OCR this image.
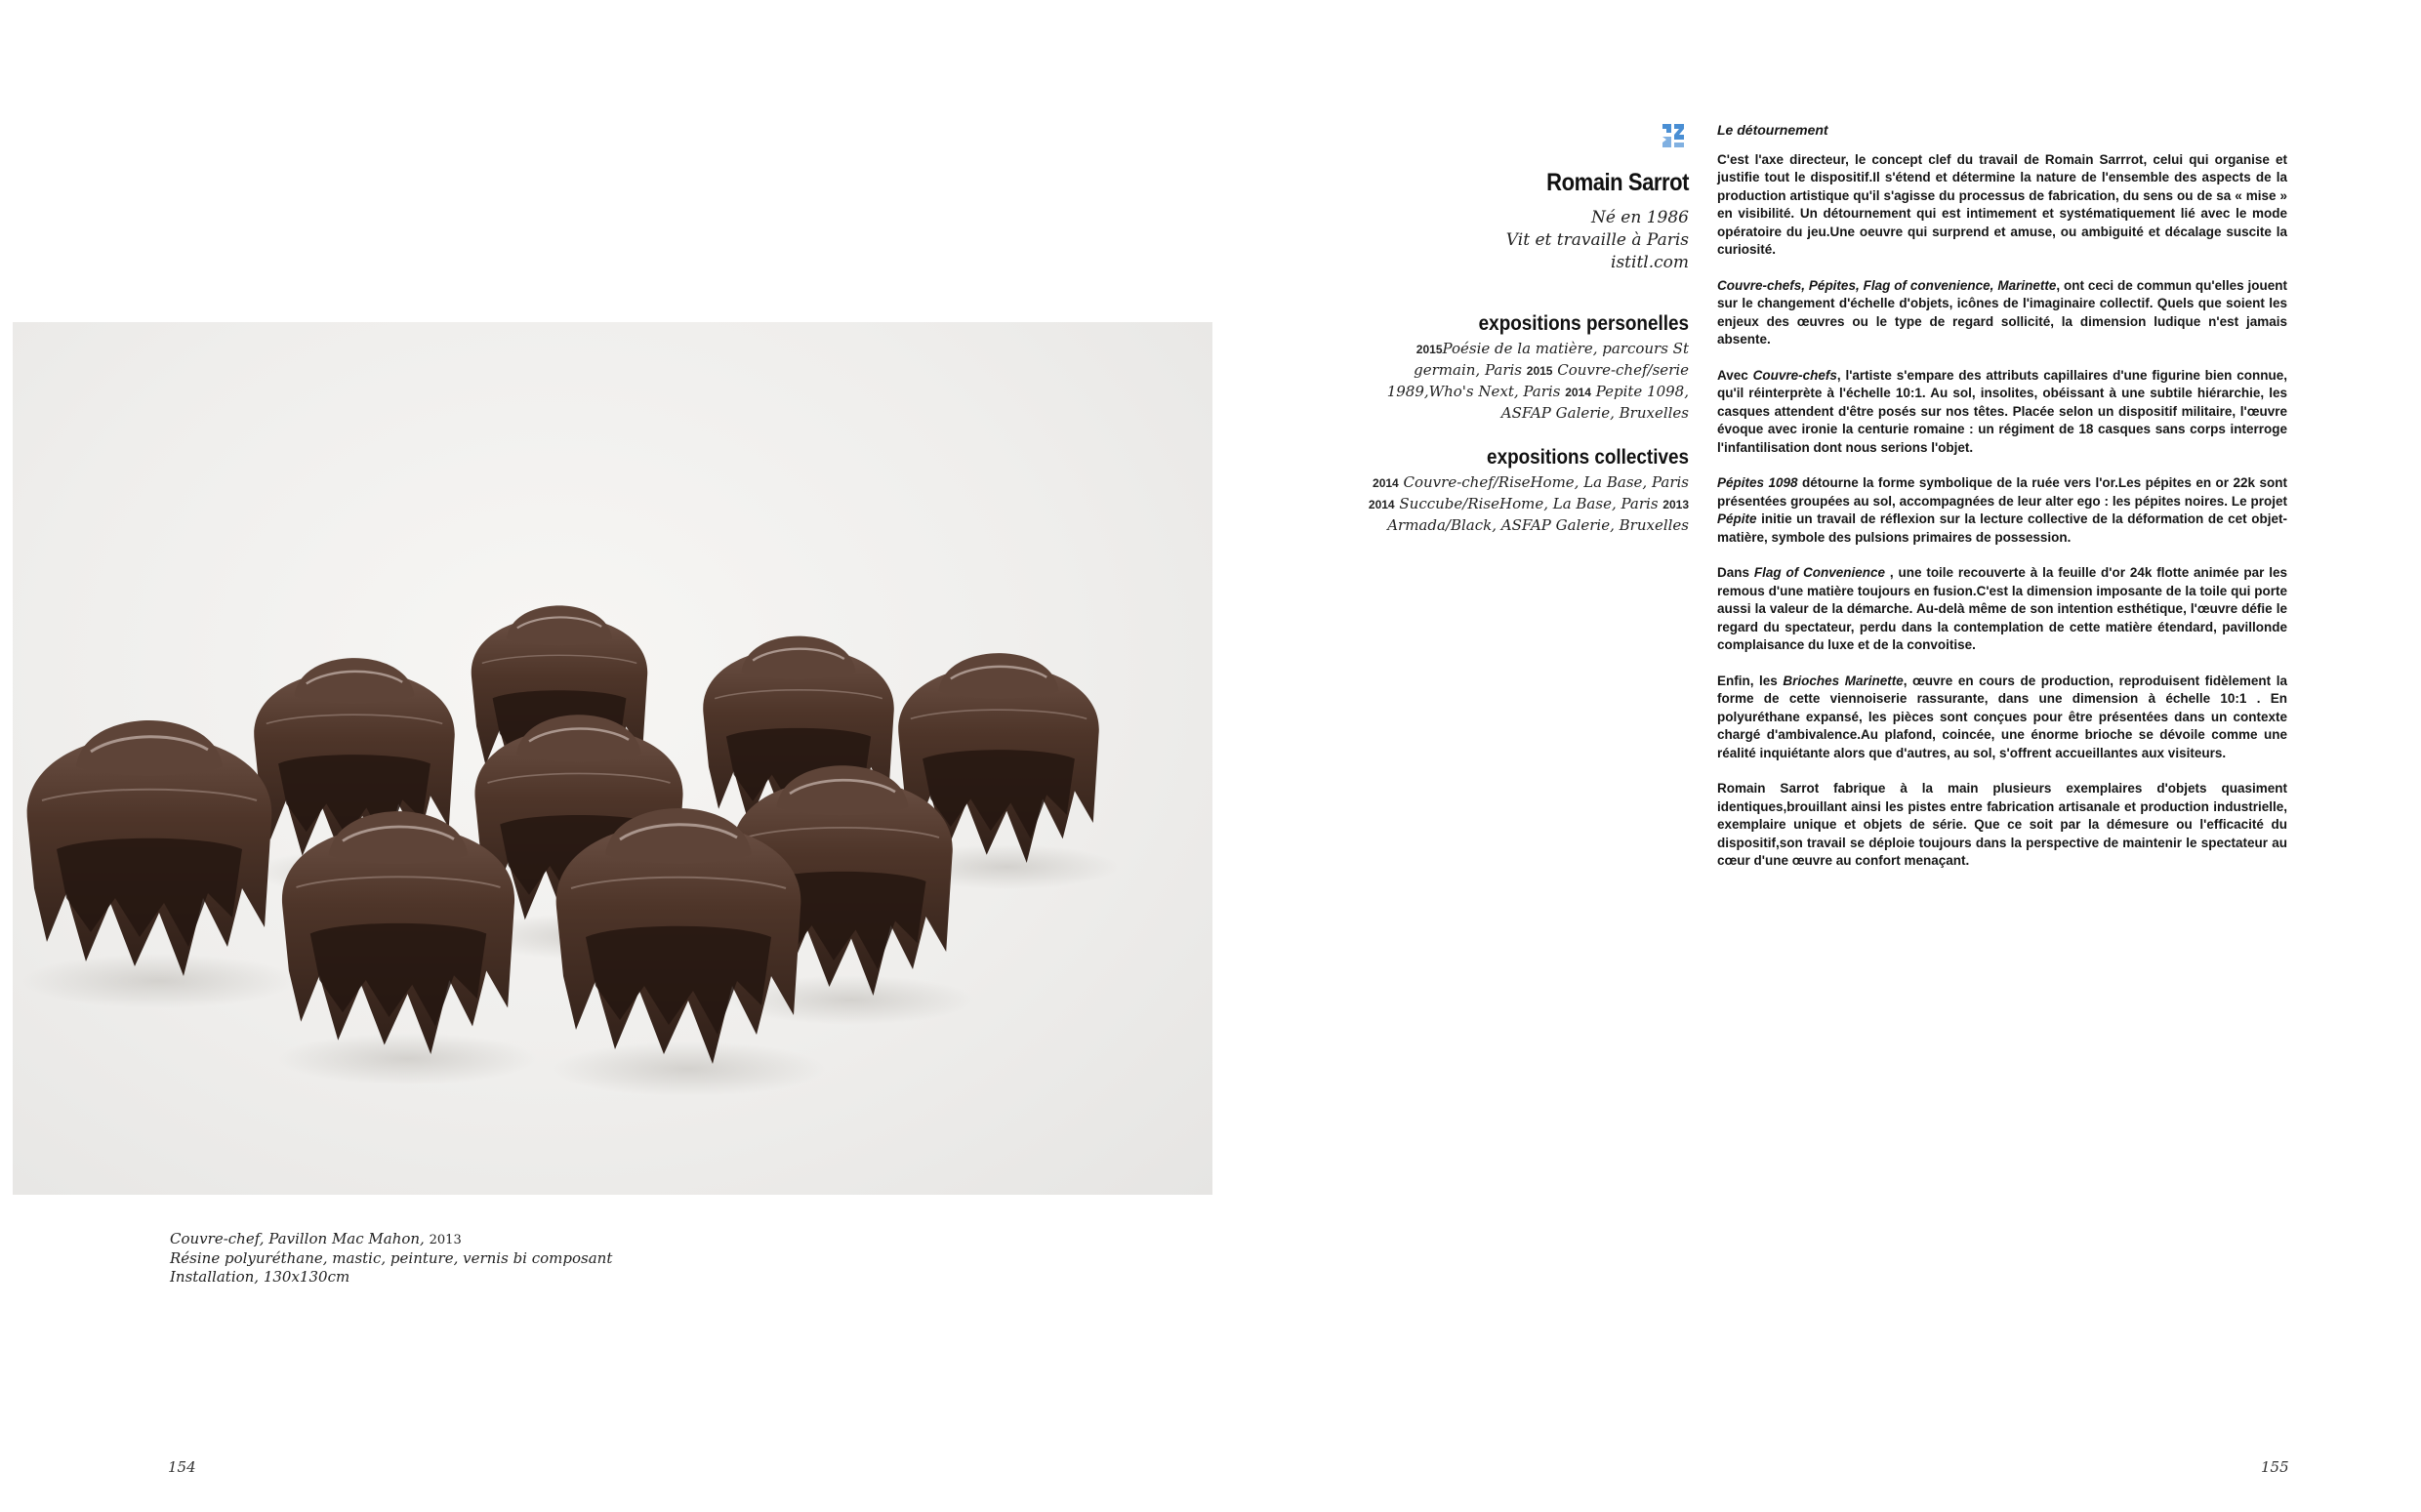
Couvre-chef, Pavillon Mac Mahon, 2013
Résine polyuréthane, mastic, peinture, vernis bi composant
Installation, 130x130cm
154	155
Romain Sarrot
Né en 1986
Vit et travaille à Paris
istitl.com
expositions personelles
2015Poésie de la matière, parcours St germain, Paris 2015 Couvre-chef/serie 1989,Who's Next, Paris 2014 Pepite 1098, ASFAP Galerie, Bruxelles
expositions collectives
2014 Couvre-chef/RiseHome, La Base, Paris 2014 Succube/RiseHome, La Base, Paris 2013 Armada/Black, ASFAP Galerie, Bruxelles
Le détournement

C'est l'axe directeur, le concept clef du travail de Romain Sarrrot, celui qui organise et justifie tout le dispositif.Il s'étend et détermine la nature de l'ensemble des aspects de la production artistique qu'il s'agisse du processus de fabrication, du sens ou de sa « mise » en visibilité. Un détournement qui est intimement et systématiquement lié avec le mode opératoire du jeu.Une oeuvre qui surprend et amuse, ou ambiguité et décalage suscite la curiosité.

Couvre-chefs, Pépites, Flag of convenience, Marinette, ont ceci de commun qu'elles jouent sur le changement d'échelle d'objets, icônes de l'imaginaire collectif. Quels que soient les enjeux des œuvres ou le type de regard sollicité, la dimension ludique n'est jamais absente.

Avec Couvre-chefs, l'artiste s'empare des attributs capillaires d'une figurine bien connue, qu'il réinterprète à l'échelle 10:1. Au sol, insolites, obéissant à une subtile hiérarchie, les casques attendent d'être posés sur nos têtes. Placée selon un dispositif militaire, l'œuvre évoque avec ironie la centurie romaine : un régiment de 18 casques sans corps interroge l'infantilisation dont nous serions l'objet.

Pépites 1098 détourne la forme symbolique de la ruée vers l'or.Les pépites en or 22k sont présentées groupées au sol, accompagnées de leur alter ego : les pépites noires. Le projet Pépite initie un travail de réflexion sur la lecture collective de la déformation de cet objet-matière, symbole des pulsions primaires de possession.

Dans Flag of Convenience , une toile recouverte à la feuille d'or 24k flotte animée par les remous d'une matière toujours en fusion.C'est la dimension imposante de la toile qui porte aussi la valeur de la démarche. Au-delà même de son intention esthétique, l'œuvre défie le regard du spectateur, perdu dans la contemplation de cette matière étendard, pavillonde complaisance du luxe et de la convoitise.

Enfin, les Brioches Marinette, œuvre en cours de production, reproduisent fidèlement la forme de cette viennoiserie rassurante, dans une dimension à échelle 10:1 . En polyuréthane expansé, les pièces sont conçues pour être présentées dans un contexte chargé d'ambivalence.Au plafond, coincée, une énorme brioche se dévoile comme une réalité inquiétante alors que d'autres, au sol, s'offrent accueillantes aux visiteurs.

Romain Sarrot fabrique à la main plusieurs exemplaires d'objets quasiment identiques,brouillant ainsi les pistes entre fabrication artisanale et production industrielle, exemplaire unique et objets de série. Que ce soit par la démesure ou l'efficacité du dispositif,son travail se déploie toujours dans la perspective de maintenir le spectateur au cœur d'une œuvre au confort menaçant.
